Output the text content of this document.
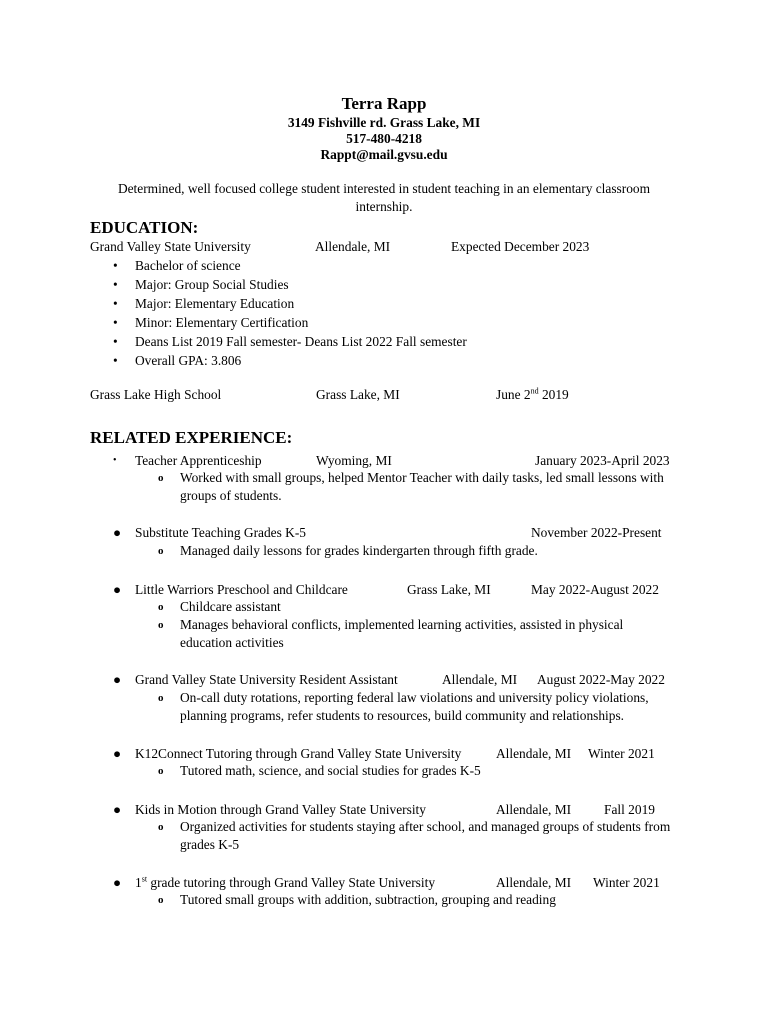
Terra Rapp
3149 Fishville rd. Grass Lake, MI
517-480-4218
Rappt@mail.gvsu.edu
Determined, well focused college student interested in student teaching in an elementary classroom internship.
EDUCATION:
Grand Valley State University	Allendale, MI	Expected December 2023
• Bachelor of science
• Major: Group Social Studies
• Major: Elementary Education
• Minor: Elementary Certification
• Deans List 2019 Fall semester- Deans List 2022 Fall semester
• Overall GPA: 3.806
Grass Lake High School	Grass Lake, MI	June 2nd 2019
RELATED EXPERIENCE:
• Teacher Apprenticeship	Wyoming, MI	January 2023-April 2023
o Worked with small groups, helped Mentor Teacher with daily tasks, led small lessons with groups of students.
● Substitute Teaching Grades K-5	November 2022-Present
o Managed daily lessons for grades kindergarten through fifth grade.
● Little Warriors Preschool and Childcare	Grass Lake, MI	May 2022-August 2022
o Childcare assistant
o Manages behavioral conflicts, implemented learning activities, assisted in physical education activities
● Grand Valley State University Resident Assistant	Allendale, MI August 2022-May 2022
o On-call duty rotations, reporting federal law violations and university policy violations, planning programs, refer students to resources, build community and relationships.
● K12Connect Tutoring through Grand Valley State University	Allendale, MI Winter 2021
o Tutored math, science, and social studies for grades K-5
● Kids in Motion through Grand Valley State University	Allendale, MI Fall 2019
o Organized activities for students staying after school, and managed groups of students from grades K-5
● 1st grade tutoring through Grand Valley State University	Allendale, MI Winter 2021
o Tutored small groups with addition, subtraction, grouping and reading
